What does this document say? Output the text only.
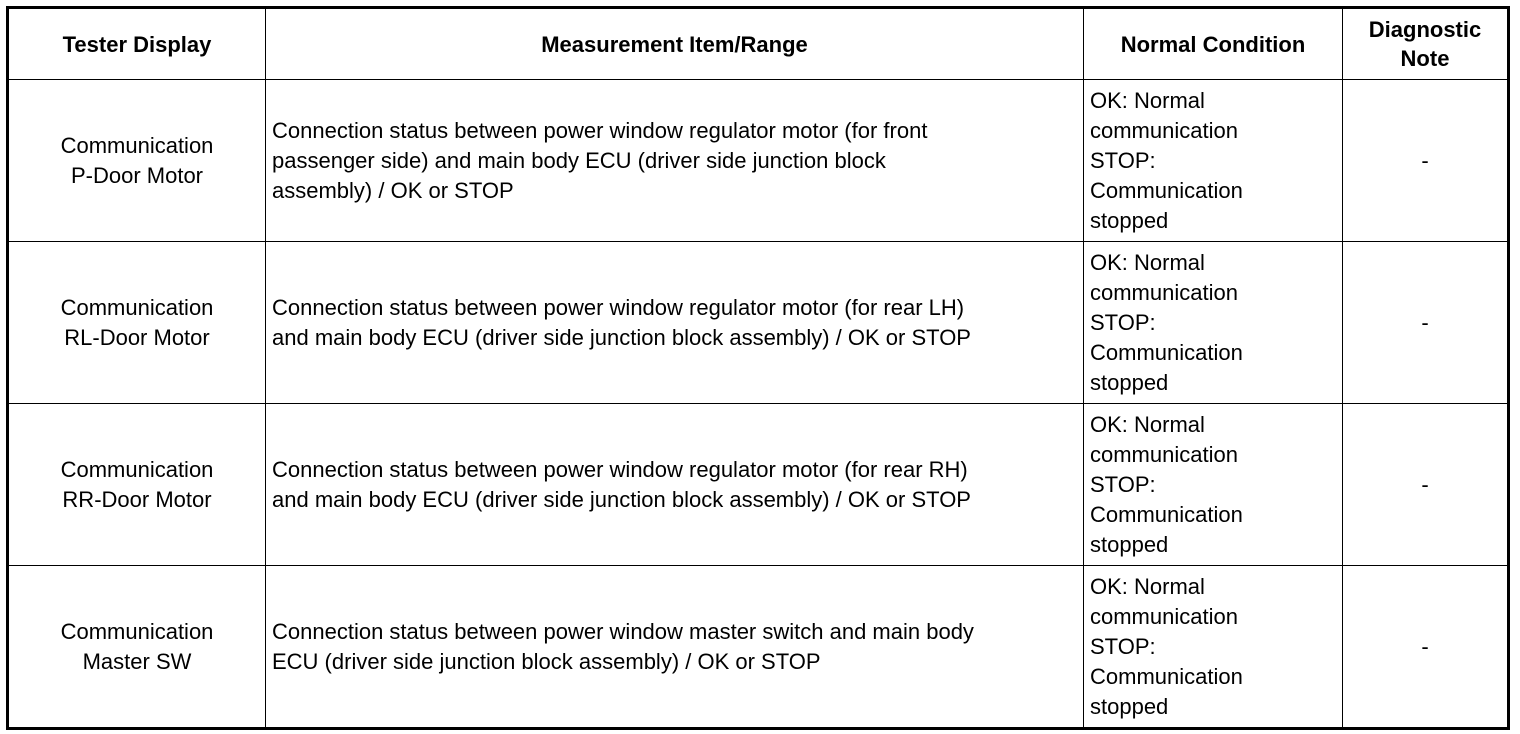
Tester Display	Measurement Item/Range	Normal Condition	Diagnostic
Note

Communication
P-Door Motor	Connection status between power window regulator motor (for front
passenger side) and main body ECU (driver side junction block
assembly) / OK or STOP	OK: Normal
communication
STOP:
Communication
stopped	-

Communication
RL-Door Motor	Connection status between power window regulator motor (for rear LH)
and main body ECU (driver side junction block assembly) / OK or STOP	OK: Normal
communication
STOP:
Communication
stopped	-

Communication
RR-Door Motor	Connection status between power window regulator motor (for rear RH)
and main body ECU (driver side junction block assembly) / OK or STOP	OK: Normal
communication
STOP:
Communication
stopped	-

Communication
Master SW	Connection status between power window master switch and main body
ECU (driver side junction block assembly) / OK or STOP	OK: Normal
communication
STOP:
Communication
stopped	-
